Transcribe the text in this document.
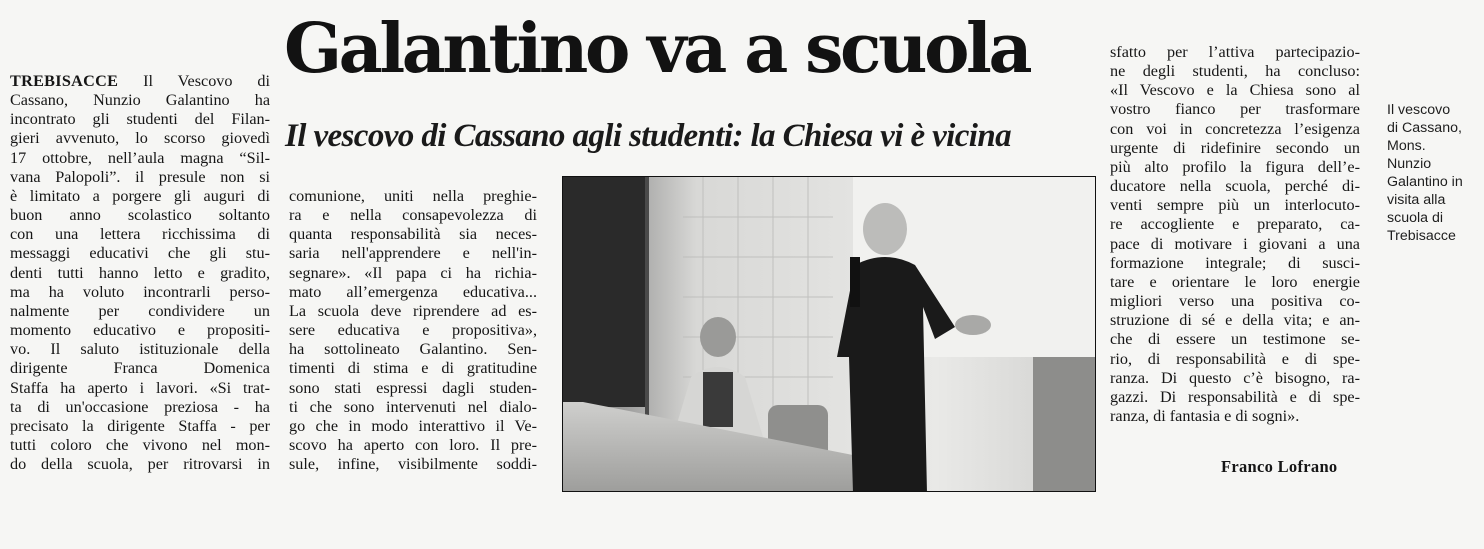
Galantino va a scuola
Il vescovo di Cassano agli studenti: la Chiesa vi è vicina
TREBISACCE Il Vescovo di
Cassano, Nunzio Galantino ha
incontrato gli studenti del Filan-
gieri avvenuto, lo scorso giovedì
17 ottobre, nell’aula magna “Sil-
vana Palopoli”. il presule non si
è limitato a porgere gli auguri di
buon anno scolastico soltanto
con una lettera ricchissima di
messaggi educativi che gli stu-
denti tutti hanno letto e gradito,
ma ha voluto incontrarli perso-
nalmente per condividere un
momento educativo e propositi-
vo. Il saluto istituzionale della
dirigente Franca Domenica
Staffa ha aperto i lavori. «Si trat-
ta di un'occasione preziosa - ha
precisato la dirigente Staffa - per
tutti coloro che vivono nel mon-
do della scuola, per ritrovarsi in
comunione, uniti nella preghie-
ra e nella consapevolezza di
quanta responsabilità sia neces-
saria nell'apprendere e nell'in-
segnare». «Il papa ci ha richia-
mato all’emergenza educativa...
La scuola deve riprendere ad es-
sere educativa e propositiva»,
ha sottolineato Galantino. Sen-
timenti di stima e di gratitudine
sono stati espressi dagli studen-
ti che sono intervenuti nel dialo-
go che in modo interattivo il Ve-
scovo ha aperto con loro. Il pre-
sule, infine, visibilmente soddi-
sfatto per l’attiva partecipazio-
ne degli studenti, ha concluso:
«Il Vescovo e la Chiesa sono al
vostro fianco per trasformare
con voi in concretezza l’esigenza
urgente di ridefinire secondo un
più alto profilo la figura dell’e-
ducatore nella scuola, perché di-
venti sempre più un interlocuto-
re accogliente e preparato, ca-
pace di motivare i giovani a una
formazione integrale; di susci-
tare e orientare le loro energie
migliori verso una positiva co-
struzione di sé e della vita; e an-
che di essere un testimone se-
rio, di responsabilità e di spe-
ranza. Di questo c’è bisogno, ra-
gazzi. Di responsabilità e di spe-
ranza, di fantasia e di sogni».

Franco Lofrano

Il vescovo
di Cassano,
Mons.
Nunzio
Galantino in
visita alla
scuola di
Trebisacce
